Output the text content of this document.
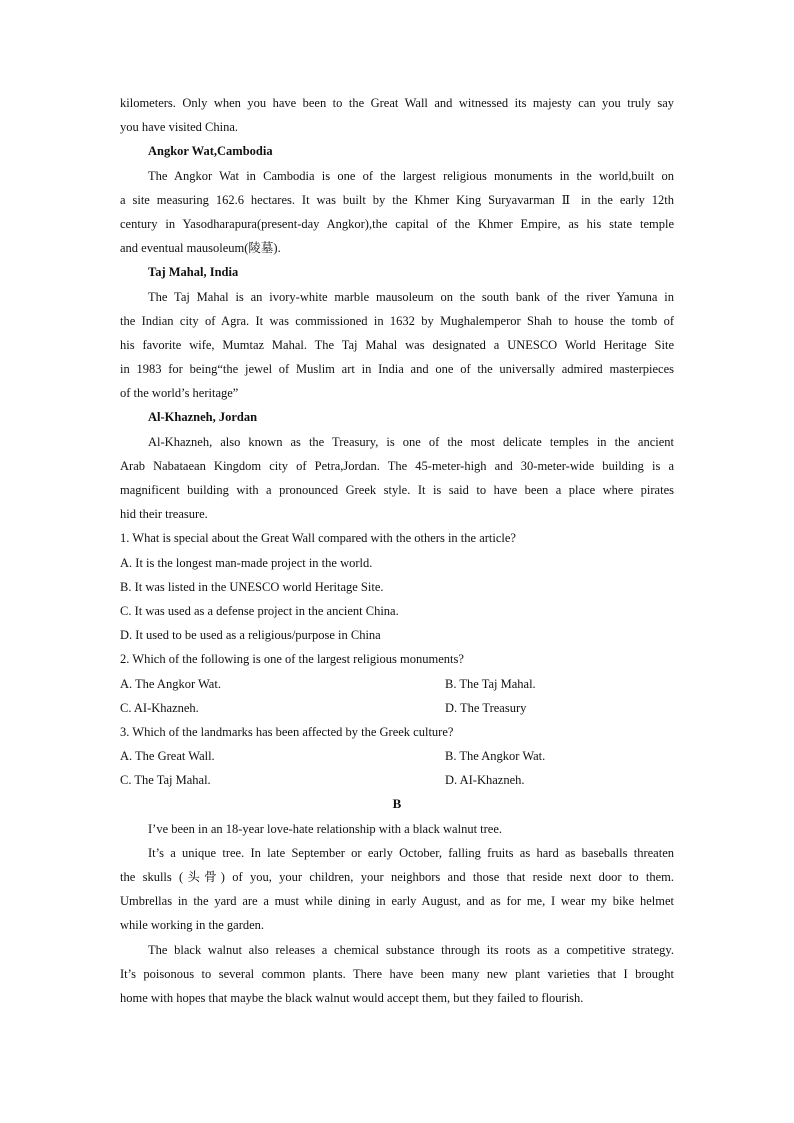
kilometers. Only when you have been to the Great Wall and witnessed its majesty can you truly say
you have visited China.
Angkor Wat,Cambodia
The Angkor Wat in Cambodia is one of the largest religious monuments in the world,built on
a site measuring 162.6 hectares. It was built by the Khmer King Suryavarman Ⅱ in the early 12th
century in Yasodharapura(present-day Angkor),the capital of the Khmer Empire, as his state temple
and eventual mausoleum(陵墓).
Taj Mahal, India
The Taj Mahal is an ivory-white marble mausoleum on the south bank of the river Yamuna in
the Indian city of Agra. It was commissioned in 1632 by Mughalemperor Shah to house the tomb of
his favorite wife, Mumtaz Mahal. The Taj Mahal was designated a UNESCO World Heritage Site
in 1983 for being“the jewel of Muslim art in India and one of the universally admired masterpieces
of the world’s heritage”
Al-Khazneh, Jordan
Al-Khazneh, also known as the Treasury, is one of the most delicate temples in the ancient
Arab Nabataean Kingdom city of Petra,Jordan. The 45-meter-high and 30-meter-wide building is a
magnificent building with a pronounced Greek style. It is said to have been a place where pirates
hid their treasure.
1. What is special about the Great Wall compared with the others in the article?
A. It is the longest man-made project in the world.
B. It was listed in the UNESCO world Heritage Site.
C. It was used as a defense project in the ancient China.
D. It used to be used as a religious/purpose in China
2. Which of the following is one of the largest religious monuments?
A. The Angkor Wat.	B. The Taj Mahal.
C. AI-Khazneh.	D. The Treasury
3. Which of the landmarks has been affected by the Greek culture?
A. The Great Wall.	B. The Angkor Wat.
C. The Taj Mahal.	D. AI-Khazneh.
B
I’ve been in an 18-year love-hate relationship with a black walnut tree.
It’s a unique tree. In late September or early October, falling fruits as hard as baseballs threaten
the skulls (头骨) of you, your children, your neighbors and those that reside next door to them.
Umbrellas in the yard are a must while dining in early August, and as for me, I wear my bike helmet
while working in the garden.
The black walnut also releases a chemical substance through its roots as a competitive strategy.
It’s poisonous to several common plants. There have been many new plant varieties that I brought
home with hopes that maybe the black walnut would accept them, but they failed to flourish.
